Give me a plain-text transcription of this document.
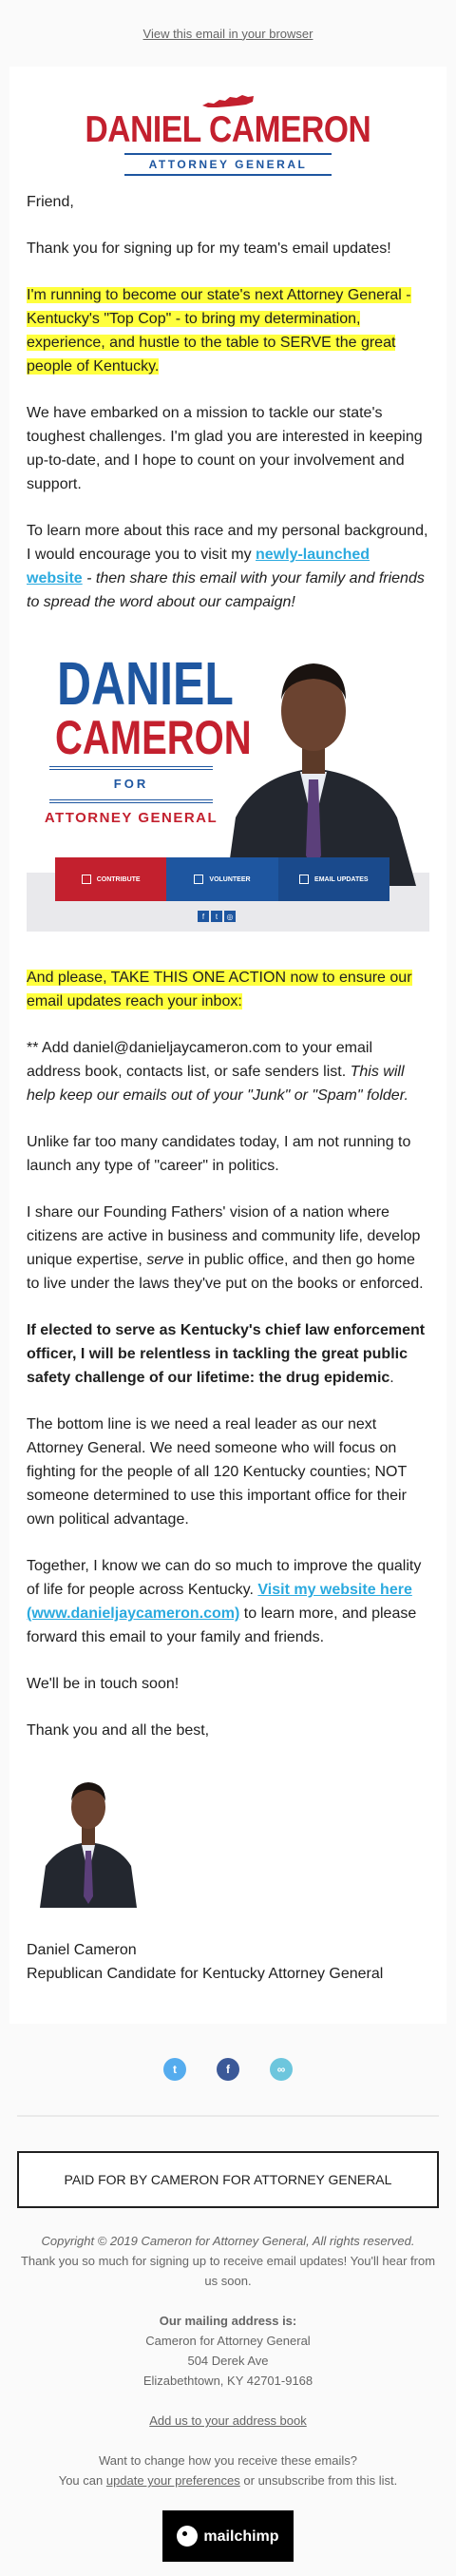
View this email in your browser
DANIEL CAMERON
ATTORNEY GENERAL

Friend,

Thank you for signing up for my team's email updates!

I'm running to become our state's next Attorney General - Kentucky's "Top Cop" - to bring my determination, experience, and hustle to the table to SERVE the great people of Kentucky.

We have embarked on a mission to tackle our state's toughest challenges. I'm glad you are interested in keeping up-to-date, and I hope to count on your involvement and support.

To learn more about this race and my personal background, I would encourage you to visit my newly-launched website - then share this email with your family and friends to spread the word about our campaign!

DANIEL
CAMERON
FOR
ATTORNEY GENERAL
CONTRIBUTE	VOLUNTEER	EMAIL UPDATES
f	t	◎

And please, TAKE THIS ONE ACTION now to ensure our email updates reach your inbox:

** Add daniel@danieljaycameron.com to your email address book, contacts list, or safe senders list. This will help keep our emails out of your "Junk" or "Spam" folder.

Unlike far too many candidates today, I am not running to launch any type of "career" in politics.

I share our Founding Fathers' vision of a nation where citizens are active in business and community life, develop unique expertise, serve in public office, and then go home to live under the laws they've put on the books or enforced.

If elected to serve as Kentucky's chief law enforcement officer, I will be relentless in tackling the great public safety challenge of our lifetime: the drug epidemic.

The bottom line is we need a real leader as our next Attorney General. We need someone who will focus on fighting for the people of all 120 Kentucky counties; NOT someone determined to use this important office for their own political advantage.

Together, I know we can do so much to improve the quality of life for people across Kentucky. Visit my website here (www.danieljaycameron.com) to learn more, and please forward this email to your family and friends.

We'll be in touch soon!

Thank you and all the best,

Daniel Cameron
Republican Candidate for Kentucky Attorney General

t	f	∞
PAID FOR BY CAMERON FOR ATTORNEY GENERAL
Copyright © 2019 Cameron for Attorney General, All rights reserved.
Thank you so much for signing up to receive email updates! You'll hear from us soon.
Our mailing address is:
Cameron for Attorney General
504 Derek Ave
Elizabethtown, KY 42701-9168
Add us to your address book
Want to change how you receive these emails?
You can update your preferences or unsubscribe from this list.
mailchimp
